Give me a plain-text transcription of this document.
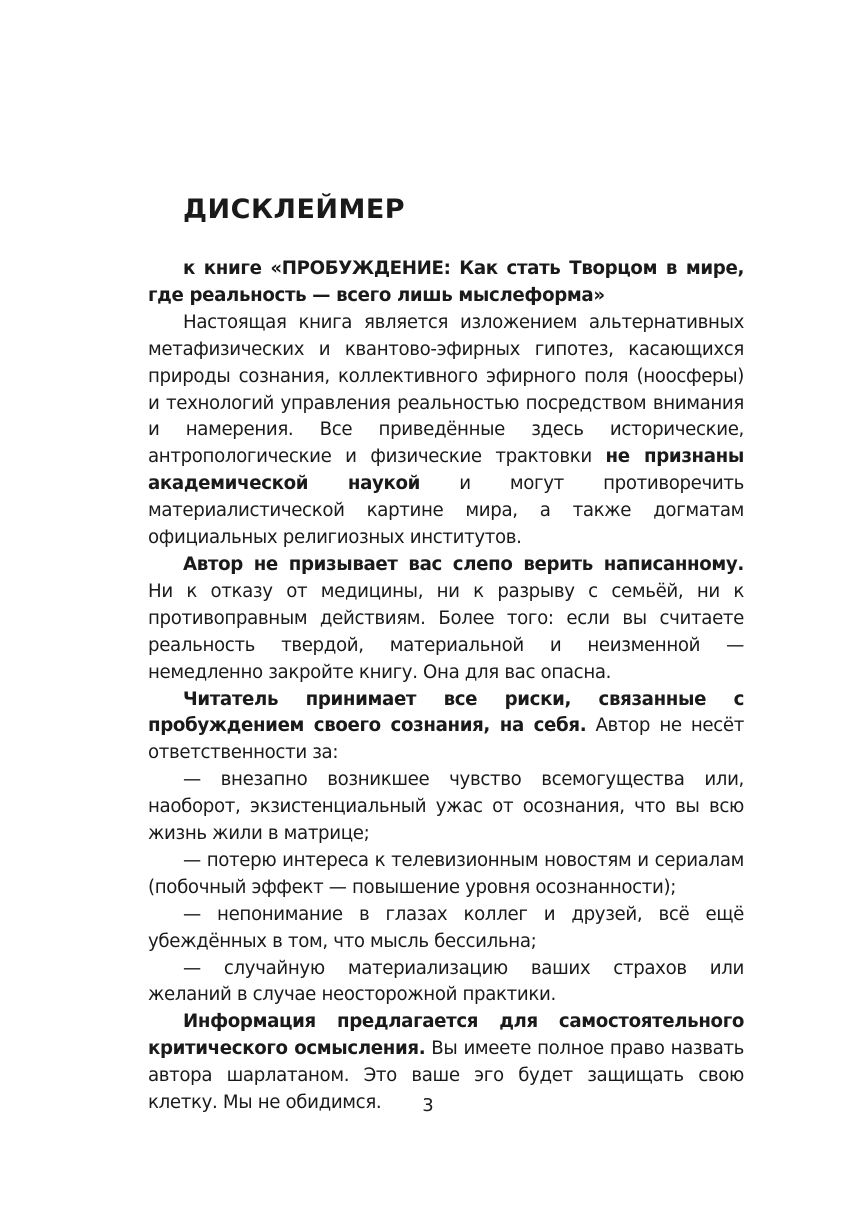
ДИСКЛЕЙМЕР

к книге «ПРОБУЖДЕНИЕ: Как стать Творцом в мире, где реальность — всего лишь мыслеформа»

Настоящая книга является изложением альтернативных метафизических и квантово-эфирных гипотез, касающихся природы сознания, коллективного эфирного поля (ноосферы) и технологий управления реальностью посредством внимания и намерения. Все приведённые здесь исторические, антропологические и физические трактовки не признаны академической наукой и могут противоречить материалистической картине мира, а также догматам официальных религиозных институтов.

Автор не призывает вас слепо верить написанному. Ни к отказу от медицины, ни к разрыву с семьёй, ни к противоправным действиям. Более того: если вы считаете реальность твердой, материальной и неизменной — немедленно закройте книгу. Она для вас опасна.

Читатель принимает все риски, связанные с пробуждением своего сознания, на себя. Автор не несёт ответственности за:

— внезапно возникшее чувство всемогущества или, наоборот, экзистенциальный ужас от осознания, что вы всю жизнь жили в матрице;

— потерю интереса к телевизионным новостям и сериалам (побочный эффект — повышение уровня осознанности);

— непонимание в глазах коллег и друзей, всё ещё убеждённых в том, что мысль бессильна;

— случайную материализацию ваших страхов или желаний в случае неосторожной практики.

Информация предлагается для самостоятельного критического осмысления. Вы имеете полное право назвать автора шарлатаном. Это ваше эго будет защищать свою клетку. Мы не обидимся.	3
